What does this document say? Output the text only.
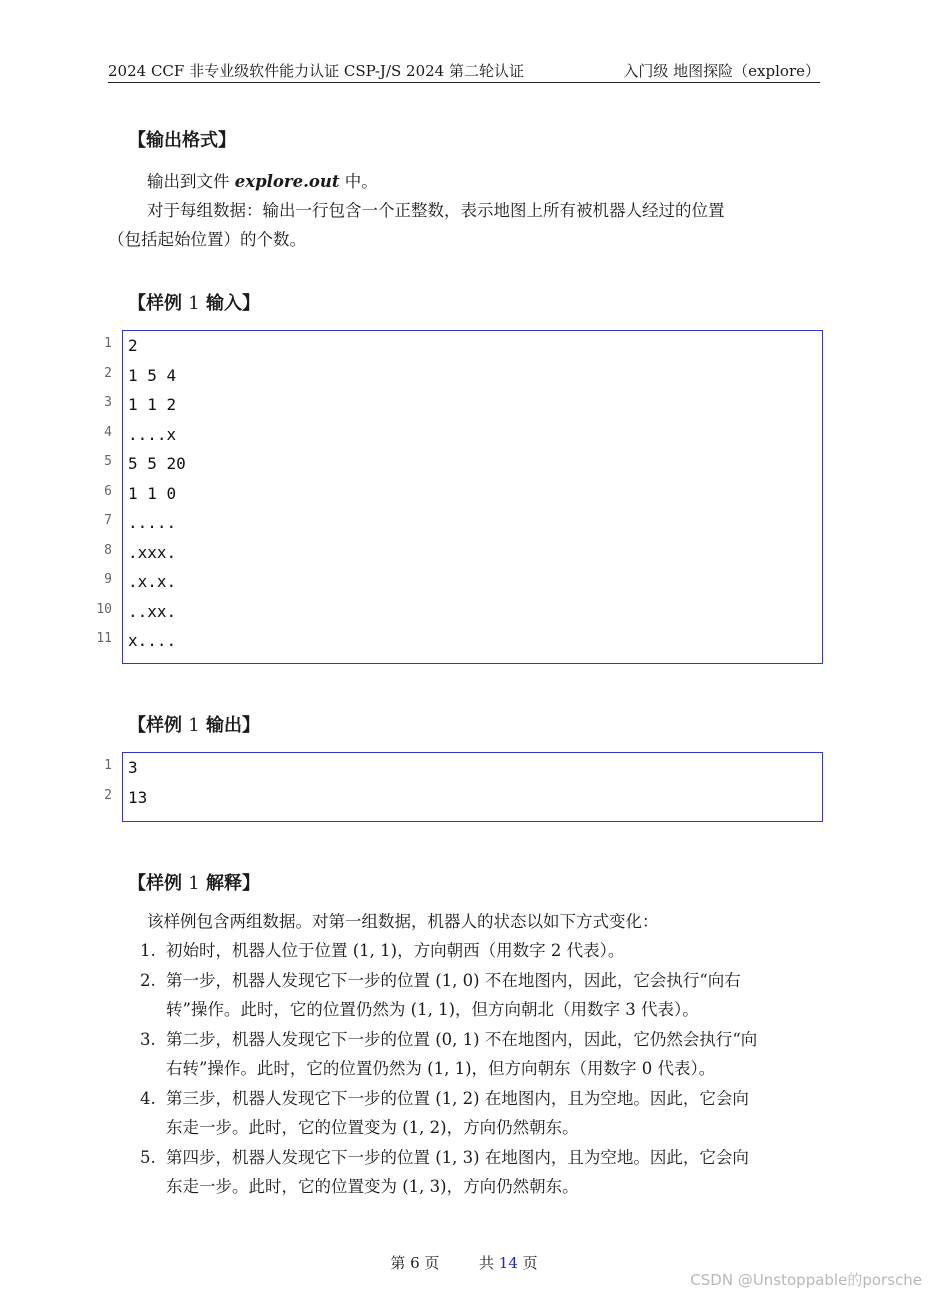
2024 CCF 非专业级软件能力认证 CSP-J/S 2024 第二轮认证	入门级 地图探险（explore）
【输出格式】
输出到文件 explore.out 中。
对于每组数据：输出一行包含一个正整数，表示地图上所有被机器人经过的位置
（包括起始位置）的个数。
【样例 1 输入】
1 2
2 1 5 4
3 1 1 2
4 ....x
5 5 5 20
6 1 1 0
7 .....
8 .xxx.
9 .x.x.
10 ..xx.
11 x....
【样例 1 输出】
1 3
2 13
【样例 1 解释】
该样例包含两组数据。对第一组数据，机器人的状态以如下方式变化：
1. 初始时，机器人位于位置 (1, 1)，方向朝西（用数字 2 代表）。
2. 第一步，机器人发现它下一步的位置 (1, 0) 不在地图内，因此，它会执行“向右
转”操作。此时，它的位置仍然为 (1, 1)，但方向朝北（用数字 3 代表）。
3. 第二步，机器人发现它下一步的位置 (0, 1) 不在地图内，因此，它仍然会执行“向
右转”操作。此时，它的位置仍然为 (1, 1)，但方向朝东（用数字 0 代表）。
4. 第三步，机器人发现它下一步的位置 (1, 2) 在地图内，且为空地。因此，它会向
东走一步。此时，它的位置变为 (1, 2)，方向仍然朝东。
5. 第四步，机器人发现它下一步的位置 (1, 3) 在地图内，且为空地。因此，它会向
东走一步。此时，它的位置变为 (1, 3)，方向仍然朝东。
第 6 页	共 14 页
CSDN @Unstoppable的porsche
